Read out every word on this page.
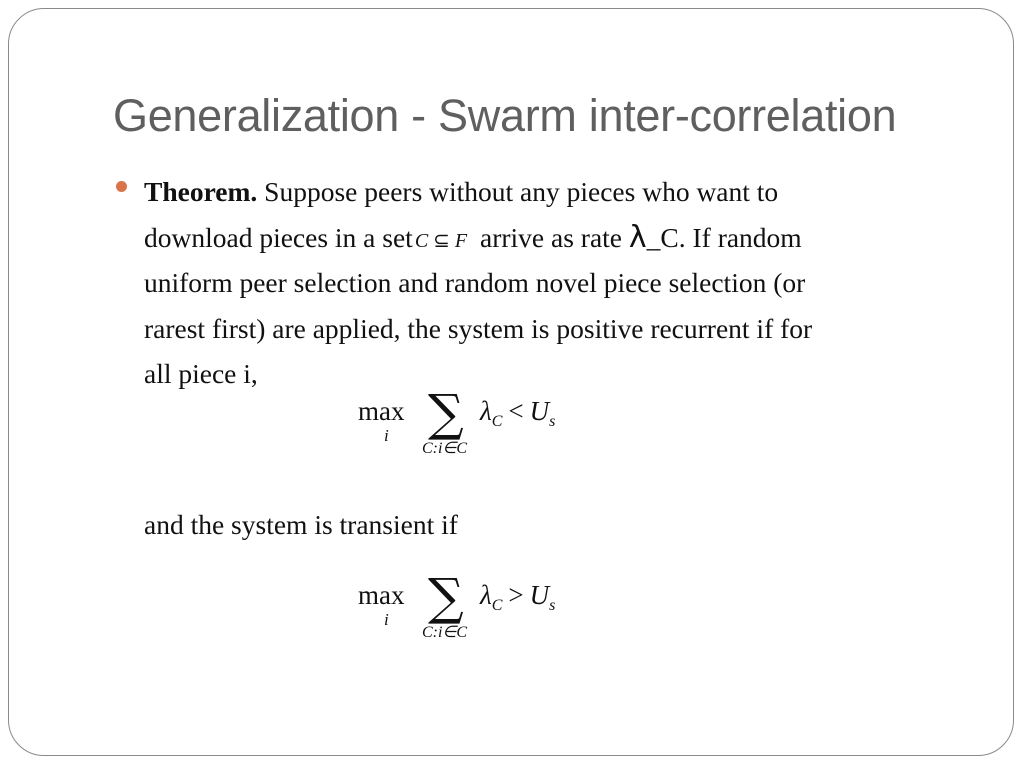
Generalization - Swarm inter-correlation
Theorem. Suppose peers without any pieces who want to
download pieces in a set C ⊆ F arrive as rate λ_C. If random
uniform peer selection and random novel piece selection (or
rarest first) are applied, the system is positive recurrent if for
all piece i,
max
i ∑
C:i∈C
$\lambda_C < U_s$
and the system is transient if
max
i ∑
C:i∈C
$\lambda_C > U_s$
